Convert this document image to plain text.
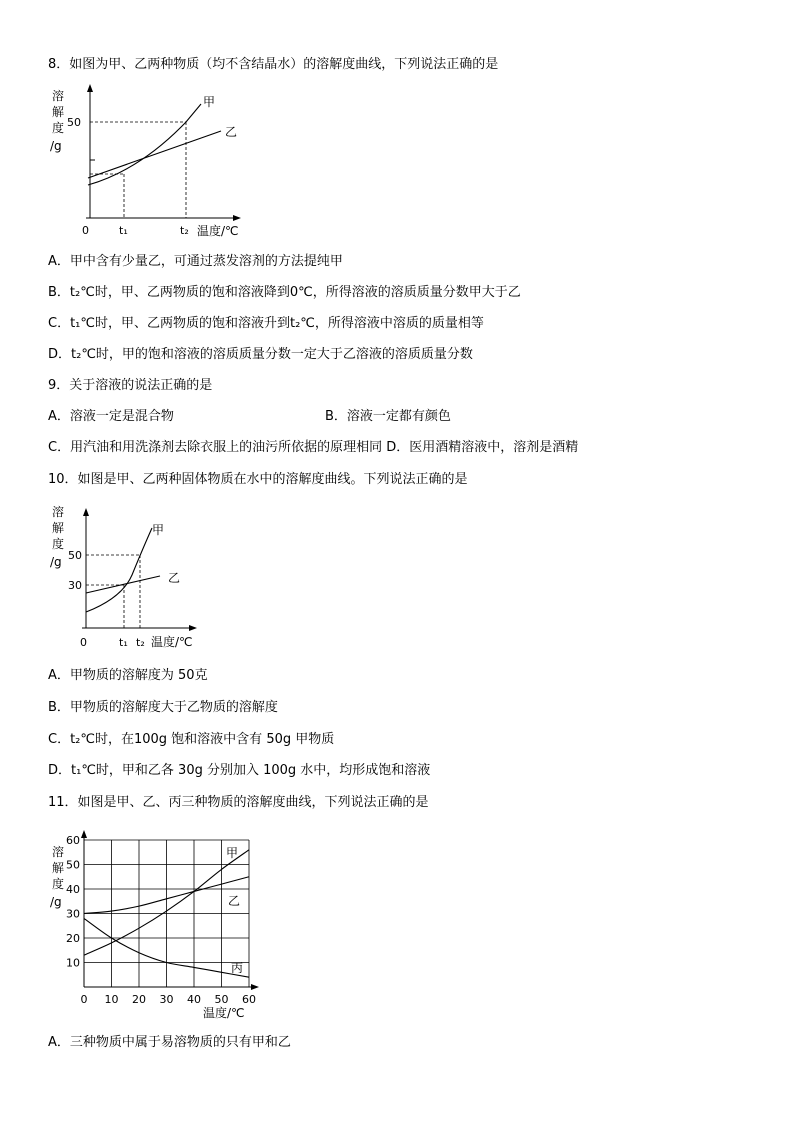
8．如图为甲、乙两种物质（均不含结晶水）的溶解度曲线，下列说法正确的是
溶
解
度
/g
50
0	t₁	t₂ 温度/℃
甲
乙
A．甲中含有少量乙，可通过蒸发溶剂的方法提纯甲
B．t₂℃时，甲、乙两物质的饱和溶液降到0℃，所得溶液的溶质质量分数甲大于乙
C．t₁℃时，甲、乙两物质的饱和溶液升到t₂℃，所得溶液中溶质的质量相等
D．t₂℃时，甲的饱和溶液的溶质质量分数一定大于乙溶液的溶质质量分数
9．关于溶液的说法正确的是
A．溶液一定是混合物	B．溶液一定都有颜色
C．用汽油和用洗涤剂去除衣服上的油污所依据的原理相同 D．医用酒精溶液中，溶剂是酒精
10．如图是甲、乙两种固体物质在水中的溶解度曲线。下列说法正确的是
溶
解
度
/g 50
30
0	t₁ t₂ 温度/℃
甲
乙
A．甲物质的溶解度为 50克
B．甲物质的溶解度大于乙物质的溶解度
C．t₂℃时，在100g 饱和溶液中含有 50g 甲物质
D．t₁℃时，甲和乙各 30g 分别加入 100g 水中，均形成饱和溶液
11．如图是甲、乙、丙三种物质的溶解度曲线，下列说法正确的是
10
20
30
40
50
60
0 10 20 30 40 50 60
溶
解
度
/g
温度/℃
甲
乙
丙
A．三种物质中属于易溶物质的只有甲和乙
